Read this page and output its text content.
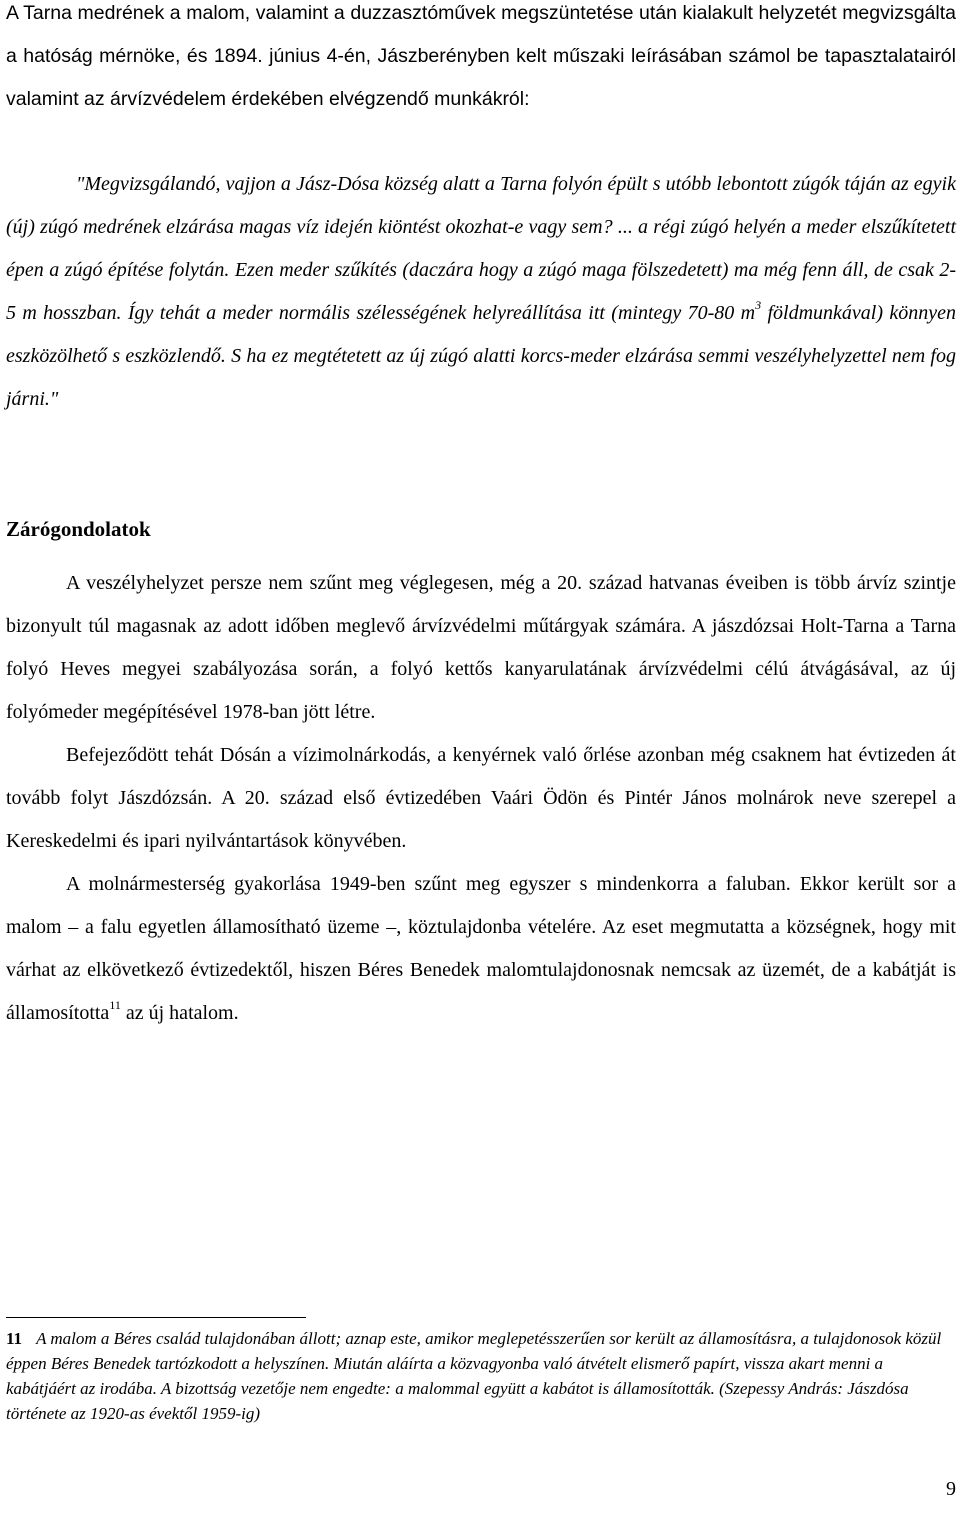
A Tarna medrének a malom, valamint a duzzasztóművek megszüntetése után kialakult helyzetét megvizsgálta a hatóság mérnöke, és 1894. június 4-én, Jászberényben kelt műszaki leírásában számol be tapasztalatairól valamint az árvízvédelem érdekében elvégzendő munkákról:

"Megvizsgálandó, vajjon a Jász-Dósa község alatt a Tarna folyón épült s utóbb lebontott zúgók táján az egyik (új) zúgó medrének elzárása magas víz idején kiöntést okozhat-e vagy sem? ... a régi zúgó helyén a meder elszűkítetett épen a zúgó építése folytán. Ezen meder szűkítés (daczára hogy a zúgó maga fölszedetett) ma még fenn áll, de csak 2-5 m hosszban. Így tehát a meder normális szélességének helyreállítása itt (mintegy 70-80 $m^3$ földmunkával) könnyen eszközölhető s eszközlendő. S ha ez megtétetett az új zúgó alatti korcs-meder elzárása semmi veszélyhelyzettel nem fog járni."

Zárógondolatok

A veszélyhelyzet persze nem szűnt meg véglegesen, még a 20. század hatvanas éveiben is több árvíz szintje bizonyult túl magasnak az adott időben meglevő árvízvédelmi műtárgyak számára. A jászdózsai Holt-Tarna a Tarna folyó Heves megyei szabályozása során, a folyó kettős kanyarulatának árvízvédelmi célú átvágásával, az új folyómeder megépítésével 1978-ban jött létre.

Befejeződött tehát Dósán a vízimolnárkodás, a kenyérnek való őrlése azonban még csaknem hat évtizeden át tovább folyt Jászdózsán. A 20. század első évtizedében Vaári Ödön és Pintér János molnárok neve szerepel a Kereskedelmi és ipari nyilvántartások könyvében.

A molnármesterség gyakorlása 1949-ben szűnt meg egyszer s mindenkorra a faluban. Ekkor került sor a malom – a falu egyetlen államosítható üzeme –, köztulajdonba vételére. Az eset megmutatta a községnek, hogy mit várhat az elkövetkező évtizedektől, hiszen Béres Benedek malomtulajdonosnak nemcsak az üzemét, de a kabátját is államosította$^{11}$ az új hatalom.

11 A malom a Béres család tulajdonában állott; aznap este, amikor meglepetésszerűen sor került az államosításra, a tulajdonosok közül éppen Béres Benedek tartózkodott a helyszínen. Miután aláírta a közvagyonba való átvételt elismerő papírt, vissza akart menni a kabátjáért az irodába. A bizottság vezetője nem engedte: a malommal együtt a kabátot is államosították. (Szepessy András: Jászdósa története az 1920-as évektől 1959-ig)

9
